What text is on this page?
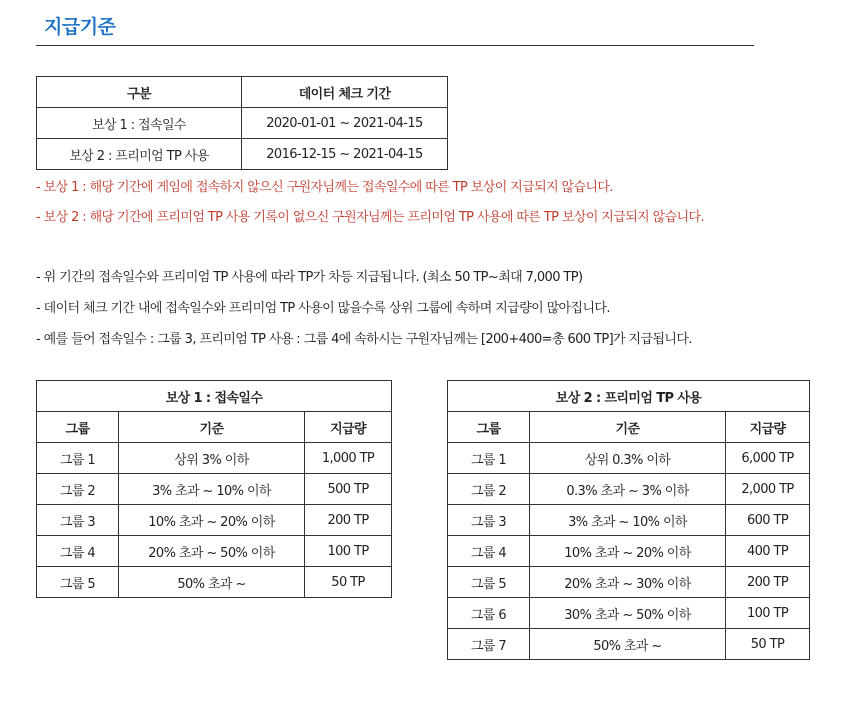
지급기준
구분	데이터 체크 기간
보상 1 : 접속일수	2020-01-01 ~ 2021-04-15
보상 2 : 프리미엄 TP 사용	2016-12-15 ~ 2021-04-15
- 보상 1 : 해당 기간에 게임에 접속하지 않으신 구원자님께는 접속일수에 따른 TP 보상이 지급되지 않습니다.
- 보상 2 : 해당 기간에 프리미엄 TP 사용 기록이 없으신 구원자님께는 프리미엄 TP 사용에 따른 TP 보상이 지급되지 않습니다.
- 위 기간의 접속일수와 프리미엄 TP 사용에 따라 TP가 차등 지급됩니다. (최소 50 TP~최대 7,000 TP)
- 데이터 체크 기간 내에 접속일수와 프리미엄 TP 사용이 많을수록 상위 그룹에 속하며 지급량이 많아집니다.
- 예를 들어 접속일수 : 그룹 3, 프리미엄 TP 사용 : 그룹 4에 속하시는 구원자님께는 [200+400=총 600 TP]가 지급됩니다.
보상 1 : 접속일수		
그룹	기준	지급량
그룹 1	상위 3% 이하	1,000 TP
그룹 2	3% 초과 ~ 10% 이하	500 TP
그룹 3	10% 초과 ~ 20% 이하	200 TP
그룹 4	20% 초과 ~ 50% 이하	100 TP
그룹 5	50% 초과 ~	50 TP
보상 2 : 프리미엄 TP 사용		
그룹	기준	지급량
그룹 1	상위 0.3% 이하	6,000 TP
그룹 2	0.3% 초과 ~ 3% 이하	2,000 TP
그룹 3	3% 초과 ~ 10% 이하	600 TP
그룹 4	10% 초과 ~ 20% 이하	400 TP
그룹 5	20% 초과 ~ 30% 이하	200 TP
그룹 6	30% 초과 ~ 50% 이하	100 TP
그룹 7	50% 초과 ~	50 TP
